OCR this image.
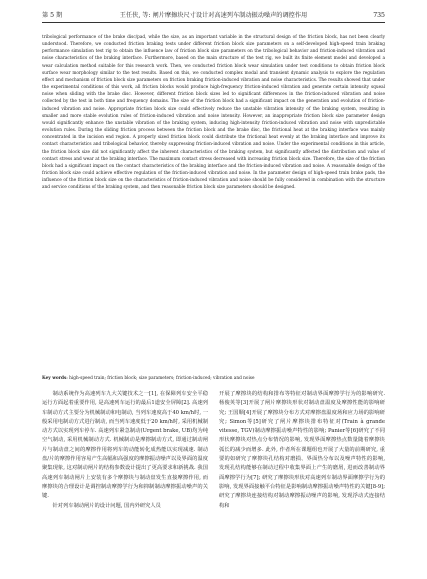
第 5 期	王任侠, 等: 闸片摩擦块尺寸设计对高速列车制动振动噪声的调控作用	735

tribological performance of the brake disc/pad, while the size, as an important variable in the structural design of the friction block, has not been clearly understood. Therefore, we conducted friction braking tests under different friction block size parameters on a self-developed high-speed train braking performance simulation test rig to obtain the influence law of friction block size parameters on the tribological behavior and friction-induced vibration and noise characteristics of the braking interface. Furthermore, based on the main structure of the test rig, we built its finite element model and developed a wear calculation method suitable for this research work. Then, we conducted friction block wear simulation under test conditions to obtain friction block surface wear morphology similar to the test results. Based on this, we conducted complex modal and transient dynamic analysis to explore the regulation effect and mechanism of friction block size parameters on friction braking friction-induced vibration and noise characteristics. The results showed that under the experimental conditions of this work, all friction blocks would produce high-frequency friction-induced vibration and generate certain intensity squeal noise when sliding with the brake disc. However, different friction block sizes led to significant differences in the friction-induced vibration and noise collected by the test in both time and frequency domains. The size of the friction block had a significant impact on the generation and evolution of friction-induced vibration and noise. Appropriate friction block size could effectively reduce the unstable vibration intensity of the braking system, resulting in smaller and more stable evolution rules of friction-induced vibration and noise intensity. However, an inappropriate friction block size parameter design would significantly enhance the unstable vibration of the braking system, inducing high-intensity friction-induced vibration and noise with unpredictable evolution rules. During the sliding friction process between the friction block and the brake disc, the frictional heat at the braking interface was mainly concentrated in the incision end region. A properly sized friction block could distribute the frictional heat evenly at the braking interface and improve its contact characteristics and tribological behavior, thereby suppressing friction-induced vibration and noise. Under the experimental conditions in this article, the friction block size did not significantly affect the inherent characteristics of the braking system, but significantly affected the distribution and value of contact stress and wear at the braking interface. The maximum contact stress decreased with increasing friction block size. Therefore, the size of the friction block had a significant impact on the contact characteristics of the braking interface and the friction-induced vibration and noise. A reasonable design of the friction block size could achieve effective regulation of the friction-induced vibration and noise. In the parameter design of high-speed train brake pads, the influence of the friction block size on the characteristics of friction-induced vibration and noise should be fully considered in combination with the structure and service conditions of the braking system, and then reasonable friction block size parameters should be designed.

Key words: high-speed train; friction block; size parameters; friction-induced; vibration and noise

制动系统作为高速列车九大关键技术之一[1], 在保障列车安全平稳运行方面起着重要作用, 是高速列车运行的最后1道安全屏障[2]. 高速列车制动方式主要分为机械制动和电制动, 当列车速度高于40 km/h时, 一般采用电制动方式进行制动, 而当列车速度低于20 km/h时, 采用机械制动方式以实现列车停车. 高速列车紧急制动(Urgent brake, UB)均为纯空气制动, 采用机械制动方式. 机械制动是摩擦制动方式, 即通过制动闸片与制动盘之间的摩擦作用将列车的动能转化成热能以实现减速. 制动盘/片的摩擦作用容易产生高幅和高强度的摩擦振动噪声以及界面的温度聚集现象, 这对制动闸片的结构参数设计提出了更高要求和新挑战. 我国高速列车制动闸片上安装有多个摩擦块与制动盘发生直接摩擦作用, 而摩擦块的合理设计是调控制动摩擦学行为和抑制制动摩擦振动噪声的关键.

针对列车制动闸片的设计问题, 国内外研究人员

开展了摩擦块的结构和排布等特征对制动界面摩擦学行为的影响研究. 杨俊英等[3]开展了闸片摩擦块形状对制动盘温度及摩擦性能的影响研究; 王国顺[4]开展了摩擦块分布方式对摩擦盘温度场和应力场的影响研究; Simon等[5]研究了闸片摩擦块排布特征对(Train à grande vitesse, TGV)制动摩擦振动噪声特性的影响; Panier等[6]研究了不同形状摩擦块对热点分布情况的影响, 发现界面摩擦热点数量随着摩擦块弧长的减少而增多. 此外, 作者所在课题组也开展了大量的前期研究, 重要的如研究了摩擦块孔结构对磨损、界面热分布以及噪声特性的影响, 发现孔结构能够在制动过程中收集界面上产生的磨屑, 进而改善制动界面摩擦学行为[7]; 研究了摩擦块形状对高速列车制动界面摩擦学行为的影响, 发现界面接触平台特征是影响制动摩擦振动噪声特性的关键[8-9]; 研究了摩擦块连接结构对制动摩擦振动噪声的影响, 发现浮动式连接结构和
